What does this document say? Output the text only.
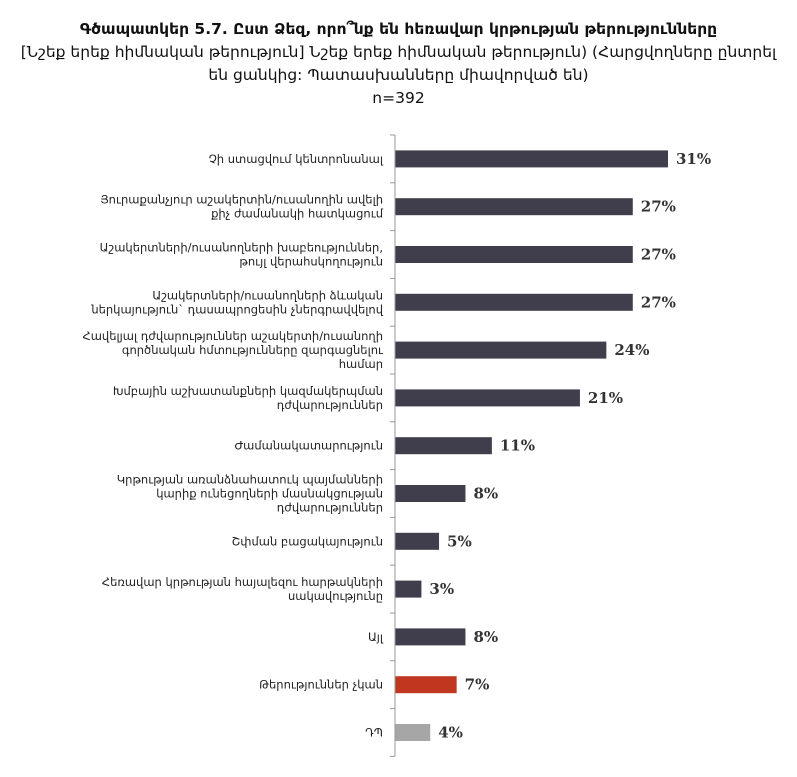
Գծապատկեր 5.7. Ըստ Ձեզ, որո՞նք են հեռավար կրթության թերությունները
[Նշեք երեք հիմնական թերություն] Նշեք երեք հիմնական թերություն) (Հարցվողները ընտրել են ցանկից: Պատասխանները միավորված են)
n=392
31%
Չի ստացվում կենտրոնանալ
27%
Յուրաքանչյուր աշակերտին/ուսանողին ավելի քիչ ժամանակի հատկացում
27%
Աշակերտների/ուսանողների խաբեություններ, թույլ վերահսկողություն
27%
Աշակերտների/ուսանողների ձևական ներկայություն` դասապրոցեսին չներգրավվելով
24%
Հավելյալ դժվարություններ աշակերտի/ուսանողի գործնական հմտությունները զարգացնելու համար
21%
Խմբային աշխատանքների կազմակերպման դժվարություններ
11%
Ժամանակատարություն
8%
Կրթության առանձնահատուկ պայմանների կարիք ունեցողների մասնակցության դժվարություններ
5%
Շփման բացակայություն
3%
Հեռավար կրթության հայալեզու հարթակների սակավությունը
8%
Այլ
7%
Թերություններ չկան
4%
ԴՊ
